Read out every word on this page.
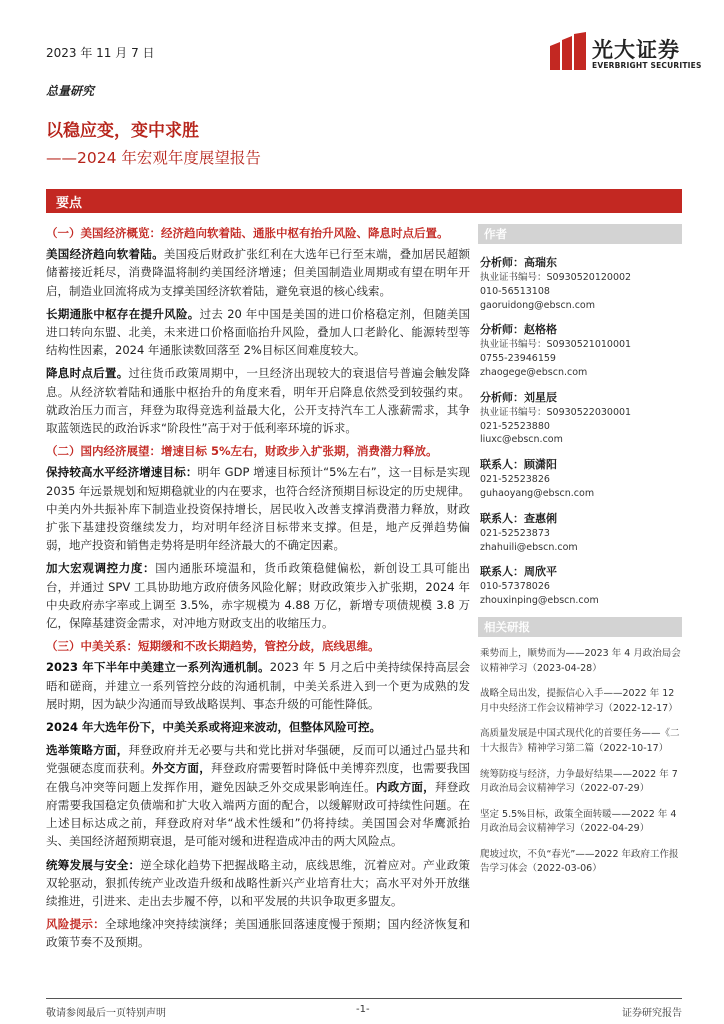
2023 年 11 月 7 日	光大证券
EVERBRIGHT SECURITIES
总量研究
以稳应变，变中求胜
——2024 年宏观年度展望报告
要点

（一）美国经济概览：经济趋向软着陆、通胀中枢有抬升风险、降息时点后置。

美国经济趋向软着陆。美国疫后财政扩张红利在大选年已行至末端，叠加居民超额储蓄接近耗尽，消费降温将制约美国经济增速；但美国制造业周期或有望在明年开启，制造业回流将成为支撑美国经济软着陆，避免衰退的核心线索。

长期通胀中枢存在提升风险。过去 20 年中国是美国的进口价格稳定剂，但随美国进口转向东盟、北美，未来进口价格面临抬升风险，叠加人口老龄化、能源转型等结构性因素，2024 年通胀读数回落至 2%目标区间难度较大。

降息时点后置。过往货币政策周期中，一旦经济出现较大的衰退信号普遍会触发降息。从经济软着陆和通胀中枢抬升的角度来看，明年开启降息依然受到较强约束。就政治压力而言，拜登为取得竞选利益最大化，公开支持汽车工人涨薪需求，其争取蓝领选民的政治诉求“阶段性”高于对于低利率环境的诉求。

（二）国内经济展望：增速目标 5%左右，财政步入扩张期，消费潜力释放。

保持较高水平经济增速目标：明年 GDP 增速目标预计“5%左右”，这一目标是实现 2035 年远景规划和短期稳就业的内在要求，也符合经济预期目标设定的历史规律。中美内外共振补库下制造业投资保持增长，居民收入改善支撑消费潜力释放，财政扩张下基建投资继续发力，均对明年经济目标带来支撑。但是，地产反弹趋势偏弱，地产投资和销售走势将是明年经济最大的不确定因素。

加大宏观调控力度：国内通胀环境温和，货币政策稳健偏松，新创设工具可能出台，并通过 SPV 工具协助地方政府债务风险化解；财政政策步入扩张期，2024 年中央政府赤字率或上调至 3.5%，赤字规模为 4.88 万亿，新增专项债规模 3.8 万亿，保障基建资金需求，对冲地方财政支出的收缩压力。

（三）中美关系：短期缓和不改长期趋势，管控分歧，底线思维。

2023 年下半年中美建立一系列沟通机制。2023 年 5 月之后中美持续保持高层会晤和磋商，并建立一系列管控分歧的沟通机制，中美关系进入到一个更为成熟的发展时期，因为缺少沟通而导致战略误判、事态升级的可能性降低。

2024 年大选年份下，中美关系或将迎来波动，但整体风险可控。

选举策略方面，拜登政府并无必要与共和党比拼对华强硬，反而可以通过凸显共和党强硬态度而获利。外交方面，拜登政府需要暂时降低中美博弈烈度，也需要我国在俄乌冲突等问题上发挥作用，避免因缺乏外交成果影响连任。内政方面，拜登政府需要我国稳定负债端和扩大收入端两方面的配合，以缓解财政可持续性问题。在上述目标达成之前，拜登政府对华“战术性缓和”仍将持续。美国国会对华鹰派抬头、美国经济超预期衰退，是可能对缓和进程造成冲击的两大风险点。

统筹发展与安全：逆全球化趋势下把握战略主动，底线思维，沉着应对。产业政策双轮驱动，狠抓传统产业改造升级和战略性新兴产业培育壮大；高水平对外开放继续推进，引进来、走出去步履不停，以和平发展的共识争取更多盟友。

风险提示：全球地缘冲突持续演绎；美国通胀回落速度慢于预期；国内经济恢复和政策节奏不及预期。

作者
分析师：高瑞东
执业证书编号：S0930520120002
010-56513108
gaoruidong@ebscn.com
分析师：赵格格
执业证书编号：S0930521010001
0755-23946159
zhaogege@ebscn.com
分析师：刘星辰
执业证书编号：S0930522030001
021-52523880
liuxc@ebscn.com
联系人：顾潇阳
021-52523826
guhaoyang@ebscn.com
联系人：查惠俐
021-52523873
zhahuili@ebscn.com
联系人：周欣平
010-57378026
zhouxinping@ebscn.com
相关研报
乘势而上，顺势而为——2023 年 4 月政治局会议精神学习（2023-04-28）
战略全局出发，提振信心入手——2022 年 12 月中央经济工作会议精神学习（2022-12-17）
高质量发展是中国式现代化的首要任务——《二十大报告》精神学习第二篇（2022-10-17）
统筹防疫与经济，力争最好结果——2022 年 7 月政治局会议精神学习（2022-07-29）
坚定 5.5%目标，政策全面转暖——2022 年 4 月政治局会议精神学习（2022-04-29）
爬坡过坎，不负“春光”——2022 年政府工作报告学习体会（2022-03-06）
敬请参阅最后一页特别声明	-1-	证券研究报告
